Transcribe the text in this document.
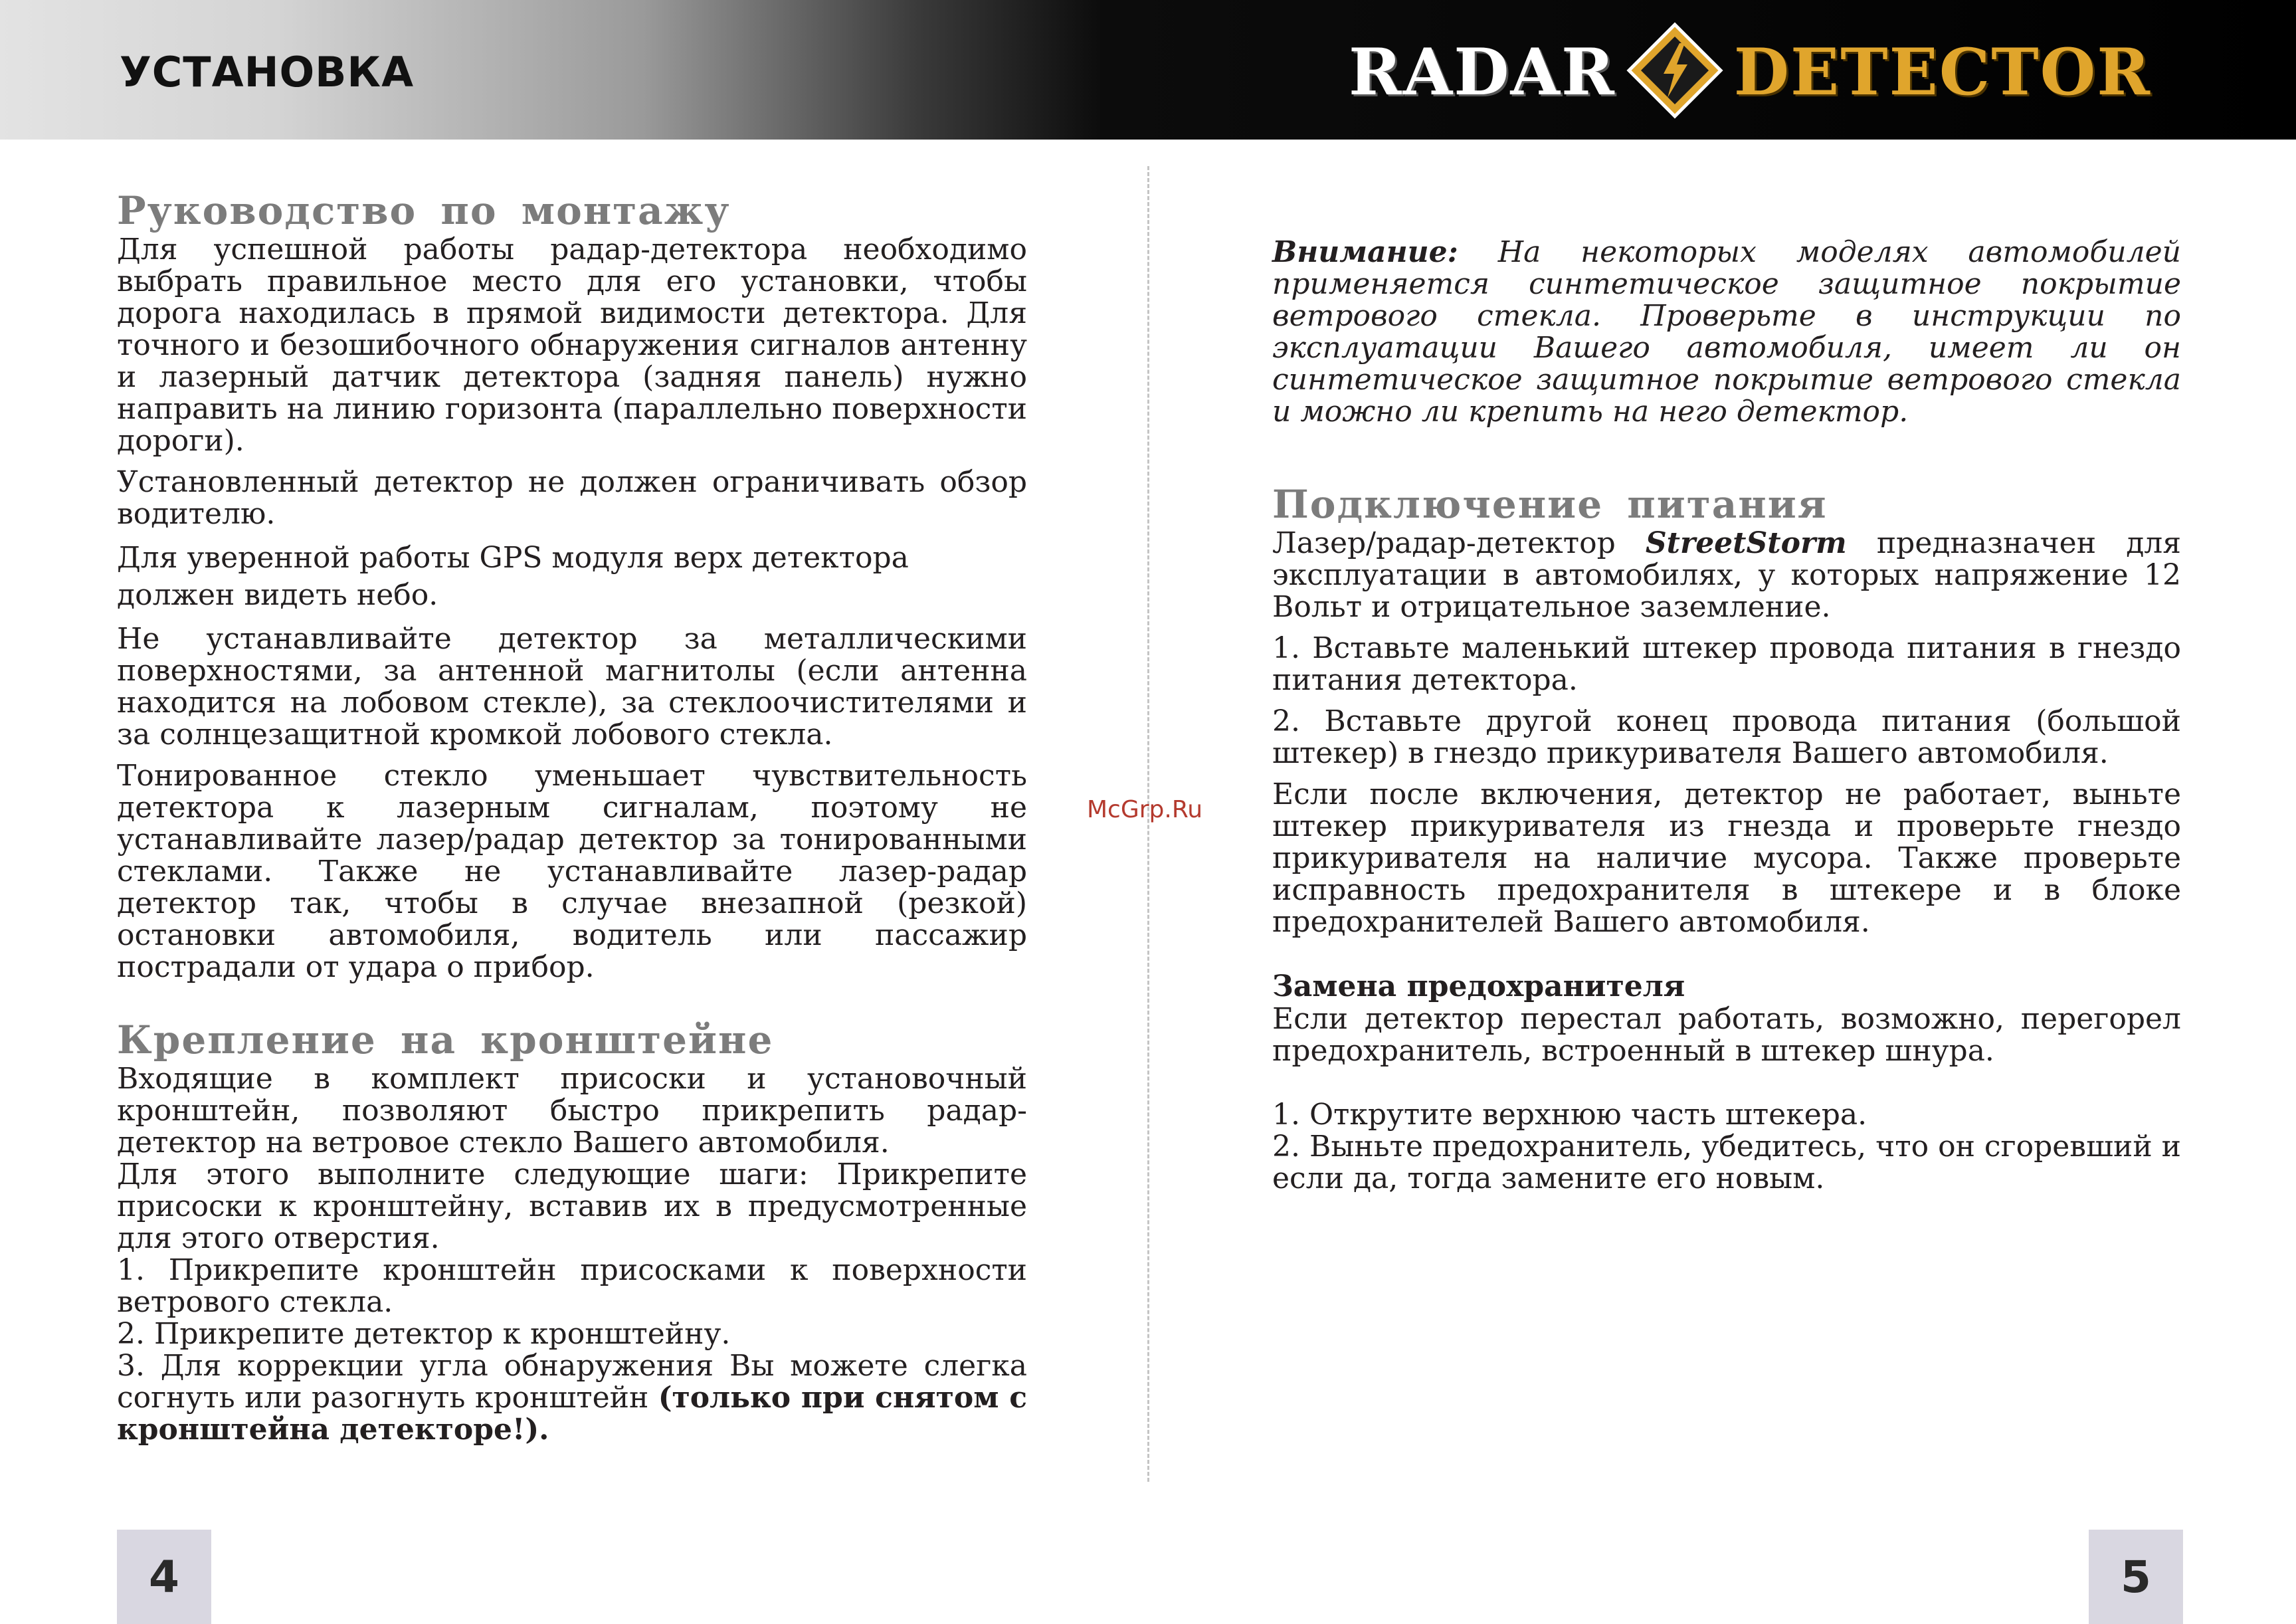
УСТАНОВКА	RADAR DETECTOR
McGrp.Ru
Руководство по монтажу

Для успешной работы радар-детектора необходимо выбрать правильное место для его установки, чтобы дорога находилась в прямой видимости детектора. Для точного и безошибочного обнаружения сигналов антенну и лазерный датчик детектора (задняя панель) нужно направить на линию горизонта (параллельно поверхности дороги).

Установленный детектор не должен ограничивать обзор водителю.

Для уверенной работы GPS модуля верх детектора должен видеть небо.

Не устанавливайте детектор за металлическими поверхностями, за антенной магнитолы (если антенна находится на лобовом стекле), за стеклоочистителями и за солнцезащитной кромкой лобового стекла.

Тонированное стекло уменьшает чувствительность детектора к лазерным сигналам, поэтому не устанавливайте лазер/радар детектор за тонированными стеклами. Также не устанавливайте лазер-радар детектор так, чтобы в случае внезапной (резкой) остановки автомобиля, водитель или пассажир пострадали от удара о прибор.

Крепление на кронштейне

Входящие в комплект присоски и установочный кронштейн, позволяют быстро прикрепить радар-детектор на ветровое стекло Вашего автомобиля.

Для этого выполните следующие шаги: Прикрепите присоски к кронштейну, вставив их в предусмотренные для этого отверстия.

1. Прикрепите кронштейн присосками к поверхности ветрового стекла.

2. Прикрепите детектор к кронштейну.

3. Для коррекции угла обнаружения Вы можете слегка согнуть или разогнуть кронштейн (только при снятом с кронштейна детекторе!).

Внимание: На некоторых моделях автомобилей применяется синтетическое защитное покрытие ветрового стекла. Проверьте в инструкции по эксплуатации Вашего автомобиля, имеет ли он синтетическое защитное покрытие ветрового стекла и можно ли крепить на него детектор.

Подключение питания

Лазер/радар-детектор StreetStorm предназначен для эксплуатации в автомобилях, у которых напряжение 12 Вольт и отрицательное заземление.

1. Вставьте маленький штекер провода питания в гнездо питания детектора.

2. Вставьте другой конец провода питания (большой штекер) в гнездо прикуривателя Вашего автомобиля.

Если после включения, детектор не работает, выньте штекер прикуривателя из гнезда и проверьте гнездо прикуривателя на наличие мусора. Также проверьте исправность предохранителя в штекере и в блоке предохранителей Вашего автомобиля.

Замена предохранителя

Если детектор перестал работать, возможно, перегорел предохранитель, встроенный в штекер шнура.

1. Открутите верхнюю часть штекера.

2. Выньте предохранитель, убедитесь, что он сгоревший и если да, тогда замените его новым.

4	5
